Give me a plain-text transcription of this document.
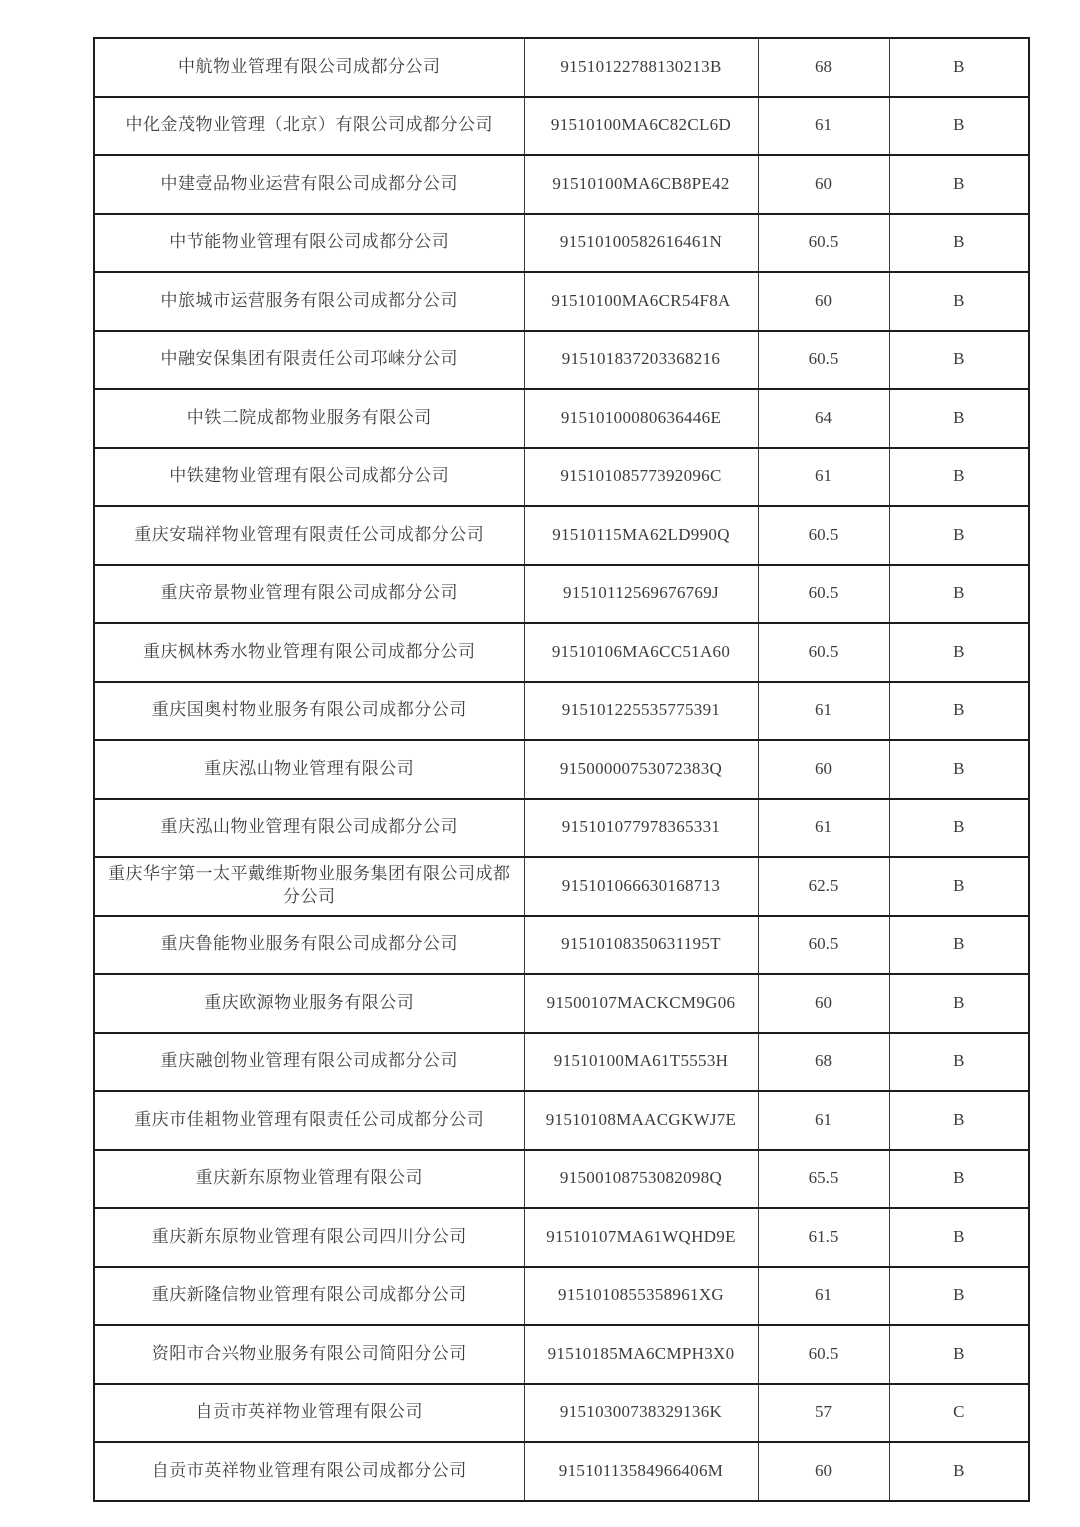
中航物业管理有限公司成都分公司	91510122788130213B	68	B
中化金茂物业管理（北京）有限公司成都分公司	91510100MA6C82CL6D	61	B
中建壹品物业运营有限公司成都分公司	91510100MA6CB8PE42	60	B
中节能物业管理有限公司成都分公司	91510100582616461N	60.5	B
中旅城市运营服务有限公司成都分公司	91510100MA6CR54F8A	60	B
中融安保集团有限责任公司邛崃分公司	915101837203368216	60.5	B
中铁二院成都物业服务有限公司	91510100080636446E	64	B
中铁建物业管理有限公司成都分公司	91510108577392096C	61	B
重庆安瑞祥物业管理有限责任公司成都分公司	91510115MA62LD990Q	60.5	B
重庆帝景物业管理有限公司成都分公司	91510112569676769J	60.5	B
重庆枫林秀水物业管理有限公司成都分公司	91510106MA6CC51A60	60.5	B
重庆国奥村物业服务有限公司成都分公司	915101225535775391	61	B
重庆泓山物业管理有限公司	91500000753072383Q	60	B
重庆泓山物业管理有限公司成都分公司	915101077978365331	61	B
重庆华宇第一太平戴维斯物业服务集团有限公司成都分公司	915101066630168713	62.5	B
重庆鲁能物业服务有限公司成都分公司	91510108350631195T	60.5	B
重庆欧源物业服务有限公司	91500107MACKCM9G06	60	B
重庆融创物业管理有限公司成都分公司	91510100MA61T5553H	68	B
重庆市佳耝物业管理有限责任公司成都分公司	91510108MAACGKWJ7E	61	B
重庆新东原物业管理有限公司	91500108753082098Q	65.5	B
重庆新东原物业管理有限公司四川分公司	91510107MA61WQHD9E	61.5	B
重庆新隆信物业管理有限公司成都分公司	9151010855358961XG	61	B
资阳市合兴物业服务有限公司简阳分公司	91510185MA6CMPH3X0	60.5	B
自贡市英祥物业管理有限公司	91510300738329136K	57	C
自贡市英祥物业管理有限公司成都分公司	91510113584966406M	60	B
